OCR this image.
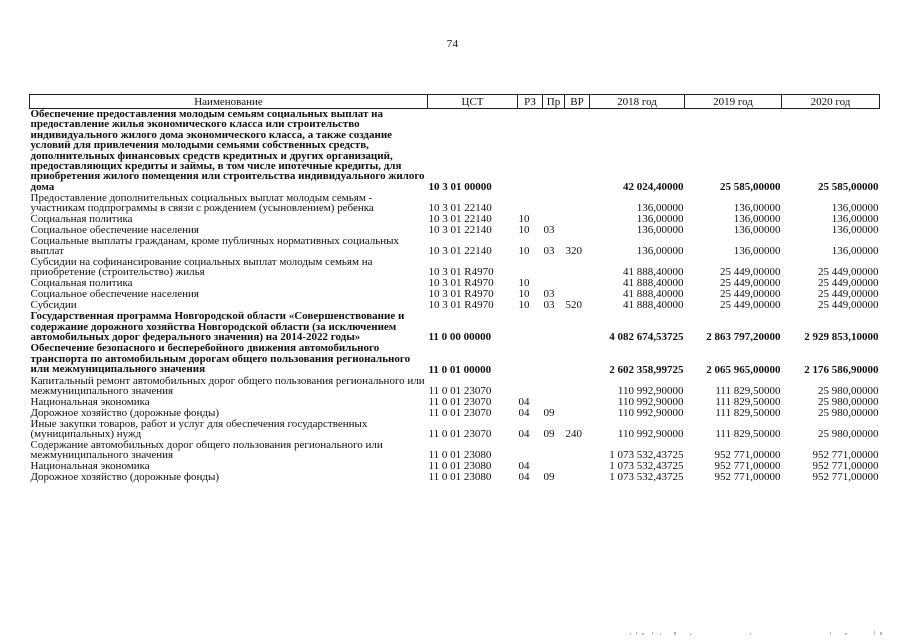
74
Наименование	ЦСТ	РЗ	Пр	ВР	2018 год	2019 год	2020 год
Обеспечение предоставления молодым семьям социальных выплат на предоставление жилья экономического класса или строительство индивидуального жилого дома экономического класса, а также создание условий для привлечения молодыми семьями собственных средств, дополнительных финансовых средств кредитных и других организаций, предоставляющих кредиты и займы, в том числе ипотечные кредиты, для приобретения жилого помещения или строительства индивидуального жилого дома	10 3 01 00000				42 024,40000	25 585,00000	25 585,00000
Предоставление дополнительных социальных выплат молодым семьям - участникам подпрограммы в связи с рождением (усыновлением) ребенка	10 3 01 22140				136,00000	136,00000	136,00000
Социальная политика	10 3 01 22140	10			136,00000	136,00000	136,00000
Социальное обеспечение населения	10 3 01 22140	10	03		136,00000	136,00000	136,00000
Социальные выплаты гражданам, кроме публичных нормативных социальных выплат	10 3 01 22140	10	03	320	136,00000	136,00000	136,00000
Субсидии на софинансирование социальных выплат молодым семьям на приобретение (строительство) жилья	10 3 01 R4970				41 888,40000	25 449,00000	25 449,00000
Социальная политика	10 3 01 R4970	10			41 888,40000	25 449,00000	25 449,00000
Социальное обеспечение населения	10 3 01 R4970	10	03		41 888,40000	25 449,00000	25 449,00000
Субсидии	10 3 01 R4970	10	03	520	41 888,40000	25 449,00000	25 449,00000
Государственная программа Новгородской области «Совершенствование и содержание дорожного хозяйства Новгородской области (за исключением автомобильных дорог федерального значения) на 2014-2022 годы»	11 0 00 00000				4 082 674,53725	2 863 797,20000	2 929 853,10000
Обеспечение безопасного и бесперебойного движения автомобильного транспорта по автомобильным дорогам общего пользования регионального или межмуниципального значения	11 0 01 00000				2 602 358,99725	2 065 965,00000	2 176 586,90000
Капитальный ремонт автомобильных дорог общего пользования регионального или межмуниципального значения	11 0 01 23070				110 992,90000	111 829,50000	25 980,00000
Национальная экономика	11 0 01 23070	04			110 992,90000	111 829,50000	25 980,00000
Дорожное хозяйство (дорожные фонды)	11 0 01 23070	04	09		110 992,90000	111 829,50000	25 980,00000
Иные закупки товаров, работ и услуг для обеспечения государственных (муниципальных) нужд	11 0 01 23070	04	09	240	110 992,90000	111 829,50000	25 980,00000
Содержание автомобильных дорог общего пользования регионального или межмуниципального значения	11 0 01 23080				1 073 532,43725	952 771,00000	952 771,00000
Национальная экономика	11 0 01 23080	04			1 073 532,43725	952 771,00000	952 771,00000
Дорожное хозяйство (дорожные фонды)	11 0 01 23080	04	09		1 073 532,43725	952 771,00000	952 771,00000
